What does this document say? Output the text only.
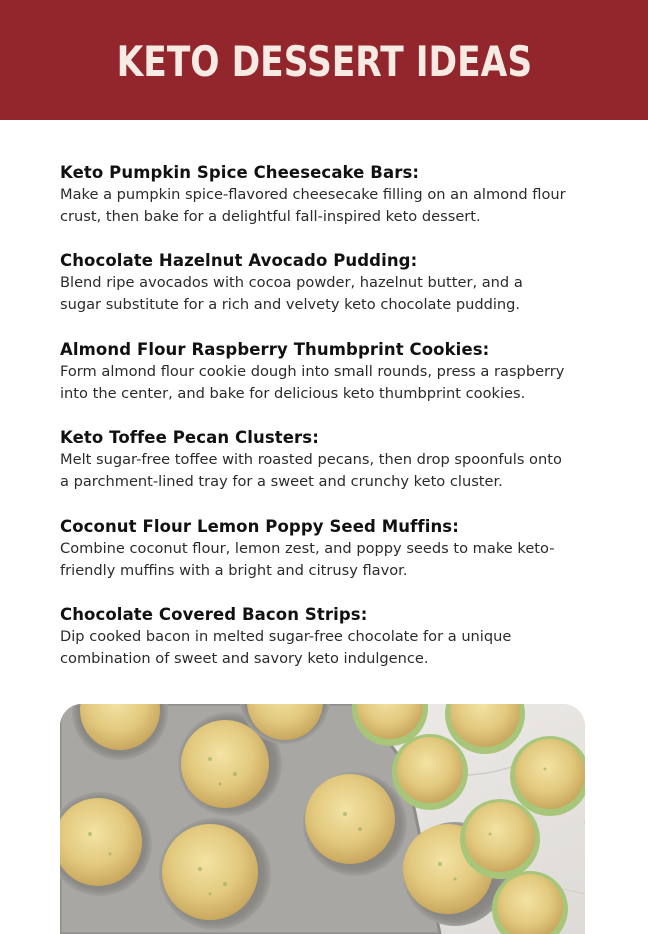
KETO DESSERT IDEAS
Keto Pumpkin Spice Cheesecake Bars:

Make a pumpkin spice-flavored cheesecake filling on an almond flour
crust, then bake for a delightful fall-inspired keto dessert.

Chocolate Hazelnut Avocado Pudding:

Blend ripe avocados with cocoa powder, hazelnut butter, and a
sugar substitute for a rich and velvety keto chocolate pudding.

Almond Flour Raspberry Thumbprint Cookies:

Form almond flour cookie dough into small rounds, press a raspberry
into the center, and bake for delicious keto thumbprint cookies.

Keto Toffee Pecan Clusters:

Melt sugar-free toffee with roasted pecans, then drop spoonfuls onto
a parchment-lined tray for a sweet and crunchy keto cluster.

Coconut Flour Lemon Poppy Seed Muffins:

Combine coconut flour, lemon zest, and poppy seeds to make keto-
friendly muffins with a bright and citrusy flavor.

Chocolate Covered Bacon Strips:

Dip cooked bacon in melted sugar-free chocolate for a unique
combination of sweet and savory keto indulgence.
